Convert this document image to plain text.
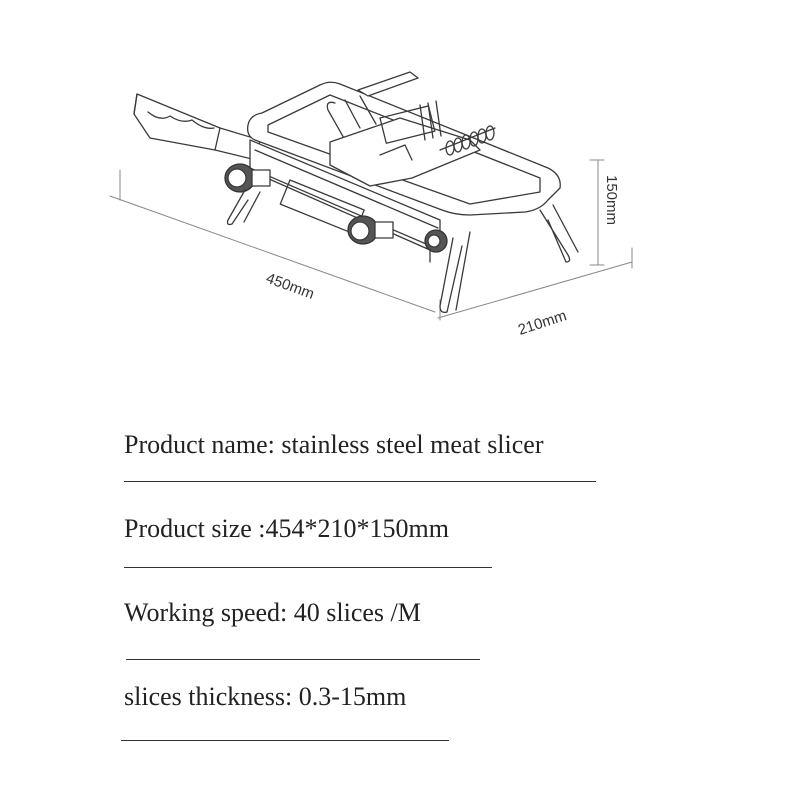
450mm
210mm
150mm
Product name: stainless steel meat slicer
Product size :454*210*150mm
Working speed: 40 slices /M
slices thickness: 0.3-15mm
